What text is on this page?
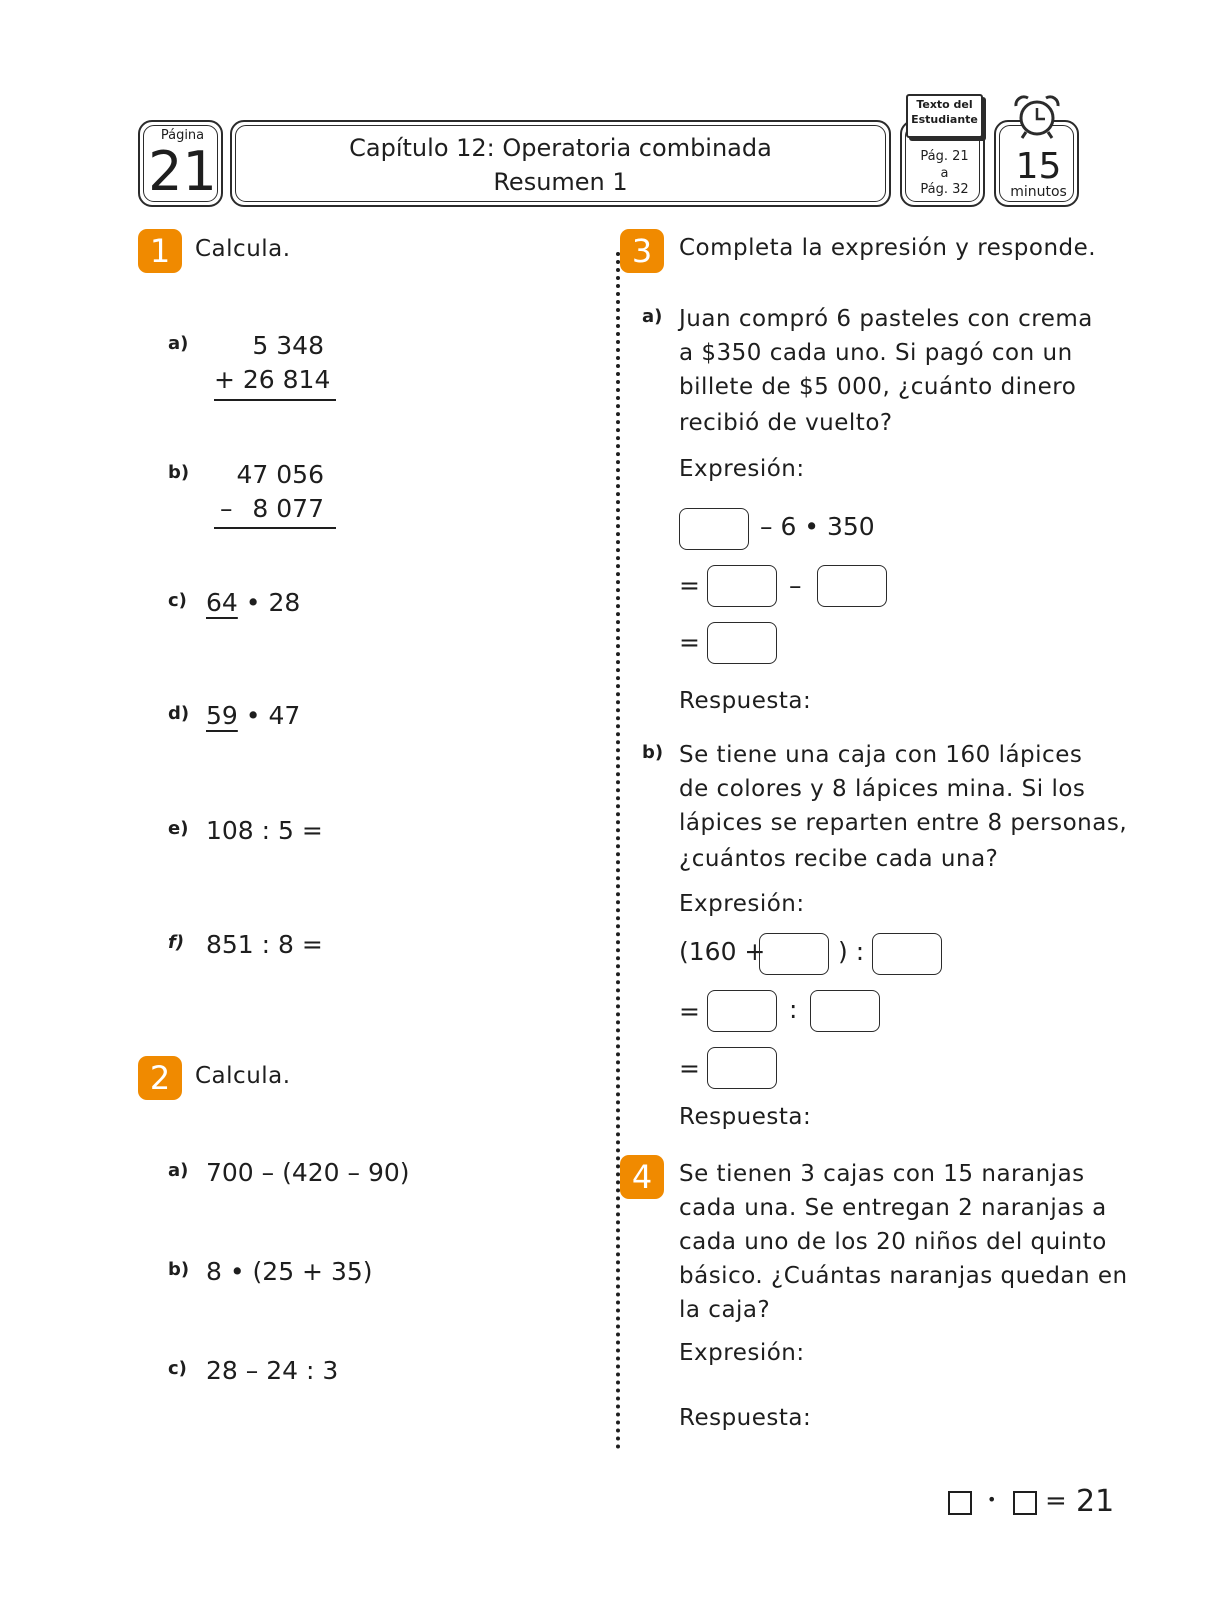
Página
21	Capítulo 12: Operatoria combinada
Resumen 1
Pág. 21
a
Pág. 32
Texto del
Estudiante
15
minutos
1	Calcula.
a)	5 348
+ 26 814
b)	47 056
– 8 077
c) 64 • 28
d) 59 • 47
e) 108 : 5 =
f) 851 : 8 =
2	Calcula.
a) 700 – (420 – 90)
b) 8 • (25 + 35)
c) 28 – 24 : 3
3	Completa la expresión y responde.
a) Juan compró 6 pasteles con crema
a $350 cada uno. Si pagó con un
billete de $5 000, ¿cuánto dinero
recibió de vuelto?
Expresión:
– 6 • 350
=	–
=
Respuesta:
b) Se tiene una caja con 160 lápices
de colores y 8 lápices mina. Si los
lápices se reparten entre 8 personas,
¿cuántos recibe cada una?
Expresión:
(160 +	) :
=	:
=
Respuesta:
4	Se tienen 3 cajas con 15 naranjas
cada una. Se entregan 2 naranjas a
cada uno de los 20 niños del quinto
básico. ¿Cuántas naranjas quedan en
la caja?
Expresión:
Respuesta:
• = 21
